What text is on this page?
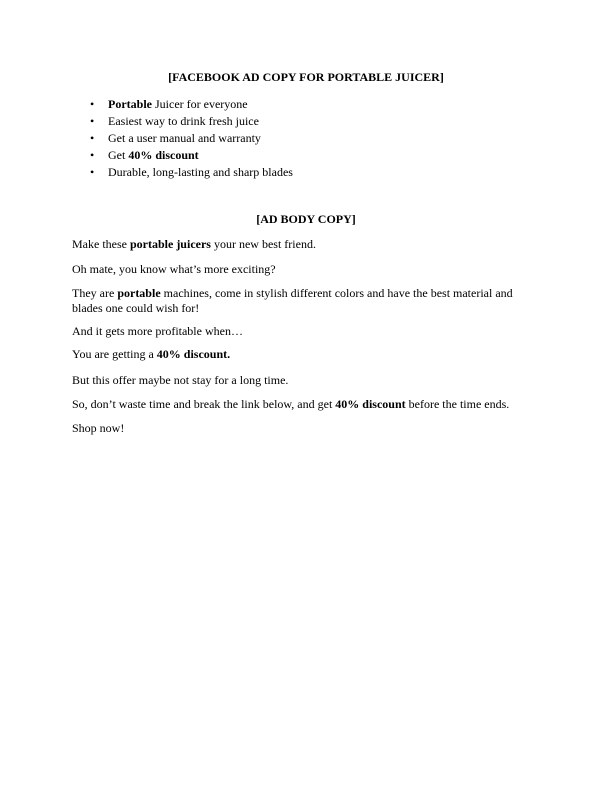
[FACEBOOK AD COPY FOR PORTABLE JUICER]
• Portable Juicer for everyone
• Easiest way to drink fresh juice
• Get a user manual and warranty
• Get 40% discount
• Durable, long-lasting and sharp blades
[AD BODY COPY]

Make these portable juicers your new best friend.

Oh mate, you know what’s more exciting?

They are portable machines, come in stylish different colors and have the best material and blades one could wish for!

And it gets more profitable when…

You are getting a 40% discount.

But this offer maybe not stay for a long time.

So, don’t waste time and break the link below, and get 40% discount before the time ends.

Shop now!
